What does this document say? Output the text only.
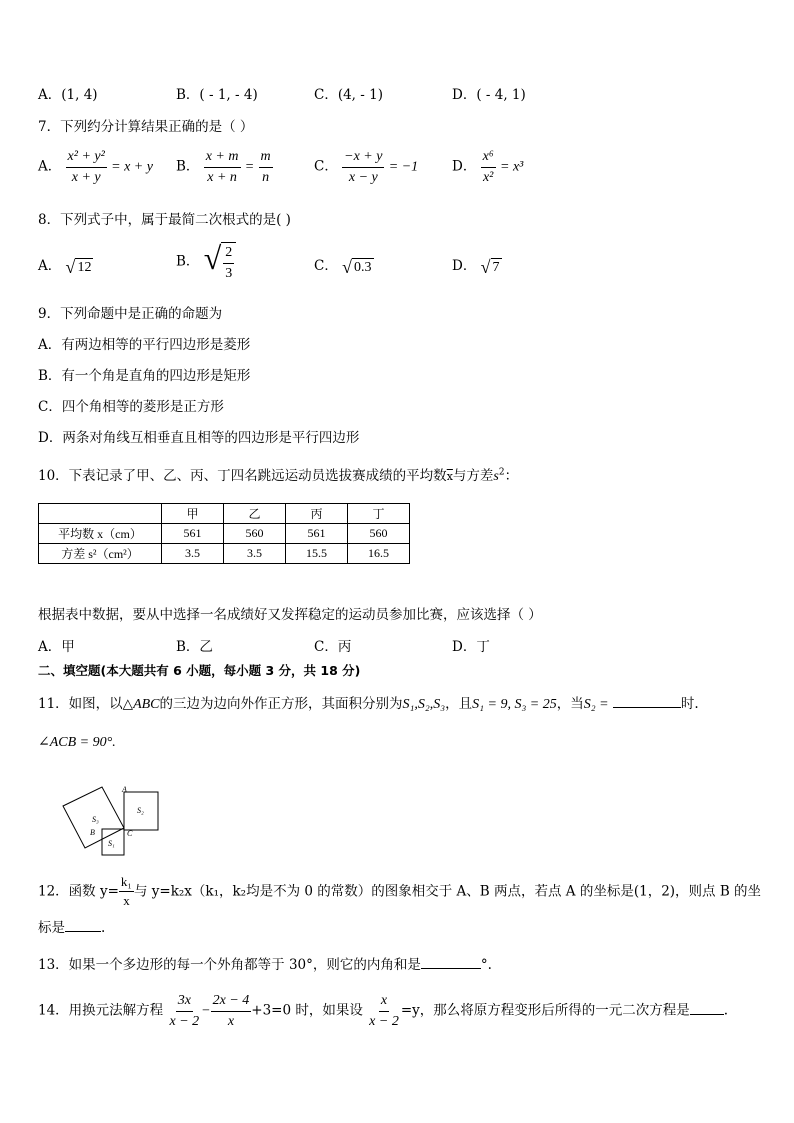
A．(1, 4)	B．( - 1, - 4)	C．(4, - 1)	D．( - 4, 1)
7．下列约分计算结果正确的是（ ）
A． $\frac{\text{x² + y²}}{x + y} = x + y$ B． $\frac{x + m}{x + n} = \frac{m}{n}$	C． $\frac{-x + y}{x - y} = -1$	D． $\frac{\text{x⁶}}{\text{x²}} = x^3$
8．下列式子中，属于最简二次根式的是( )
A． √ 12	B． √ $\frac{2}{3}$	C． √ 0.3	D． √ 7
9．下列命题中是正确的命题为
A．有两边相等的平行四边形是菱形
B．有一个角是直角的四边形是矩形
C．四个角相等的菱形是正方形
D．两条对角线互相垂直且相等的四边形是平行四边形
10．下表记录了甲、乙、丙、丁四名跳远运动员选拔赛成绩的平均数$\overline{x}$与方差$s^2$：
	甲	乙	丙	丁
平均数 x（cm）	561	560	561	560
方差 s²（cm²）	3.5	3.5	15.5	16.5
根据表中数据，要从中选择一名成绩好又发挥稳定的运动员参加比赛，应该选择（ ）
A．甲	B．乙	C．丙	D．丁
二、填空题(本大题共有 6 小题，每小题 3 分，共 18 分)
11．如图，以△ABC的三边为边向外作正方形，其面积分别为S₁,S₂,S₃，且S₁ = 9, S₃ = 25，当S₂ =	时.
∠ACB = 90°.
S₃
S₂
S₁
A
B	C
12．函数 $y= \frac{\text{k₁}}{x}$ 与 y=k₂x（k₁，k₂均是不为 0 的常数）的图象相交于 A、B 两点，若点 A 的坐标是(1，2)，则点 B 的坐
标是	.
13．如果一个多边形的每一个外角都等于 30°，则它的内角和是	°.
14．用换元法解方程 $\frac{3x}{x - 2} - \frac{2x - 4}{x} +3=0$ 时，如果设 $\frac{x}{x - 2} =y$，那么将原方程变形后所得的一元二次方程是	.
